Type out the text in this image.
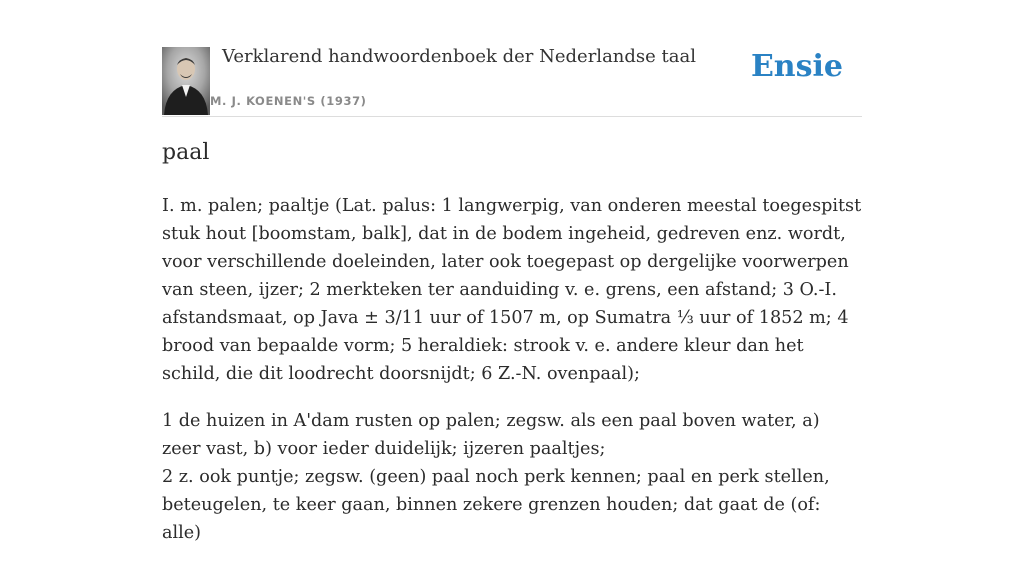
Verklarend handwoordenboek der Nederlandse taal
M. J. KOENEN'S (1937)
Ensie
paal

I. m. palen; paaltje (Lat. palus: 1 langwerpig, van onderen meestal toegespitst stuk hout [boomstam, balk], dat in de bodem ingeheid, gedreven enz. wordt, voor verschillende doeleinden, later ook toegepast op dergelijke voorwerpen van steen, ijzer; 2 merkteken ter aanduiding v. e. grens, een afstand; 3 O.-I. afstandsmaat, op Java ± 3/11 uur of 1507 m, op Sumatra ⅓ uur of 1852 m; 4 brood van bepaalde vorm; 5 heraldiek: strook v. e. andere kleur dan het schild, die dit loodrecht doorsnijdt; 6 Z.-N. ovenpaal);

1 de huizen in A'dam rusten op palen; zegsw. als een paal boven water, a) zeer vast, b) voor ieder duidelijk; ijzeren paaltjes;
2 z. ook puntje; zegsw. (geen) paal noch perk kennen; paal en perk stellen, beteugelen, te keer gaan, binnen zekere grenzen houden; dat gaat de (of: alle)
